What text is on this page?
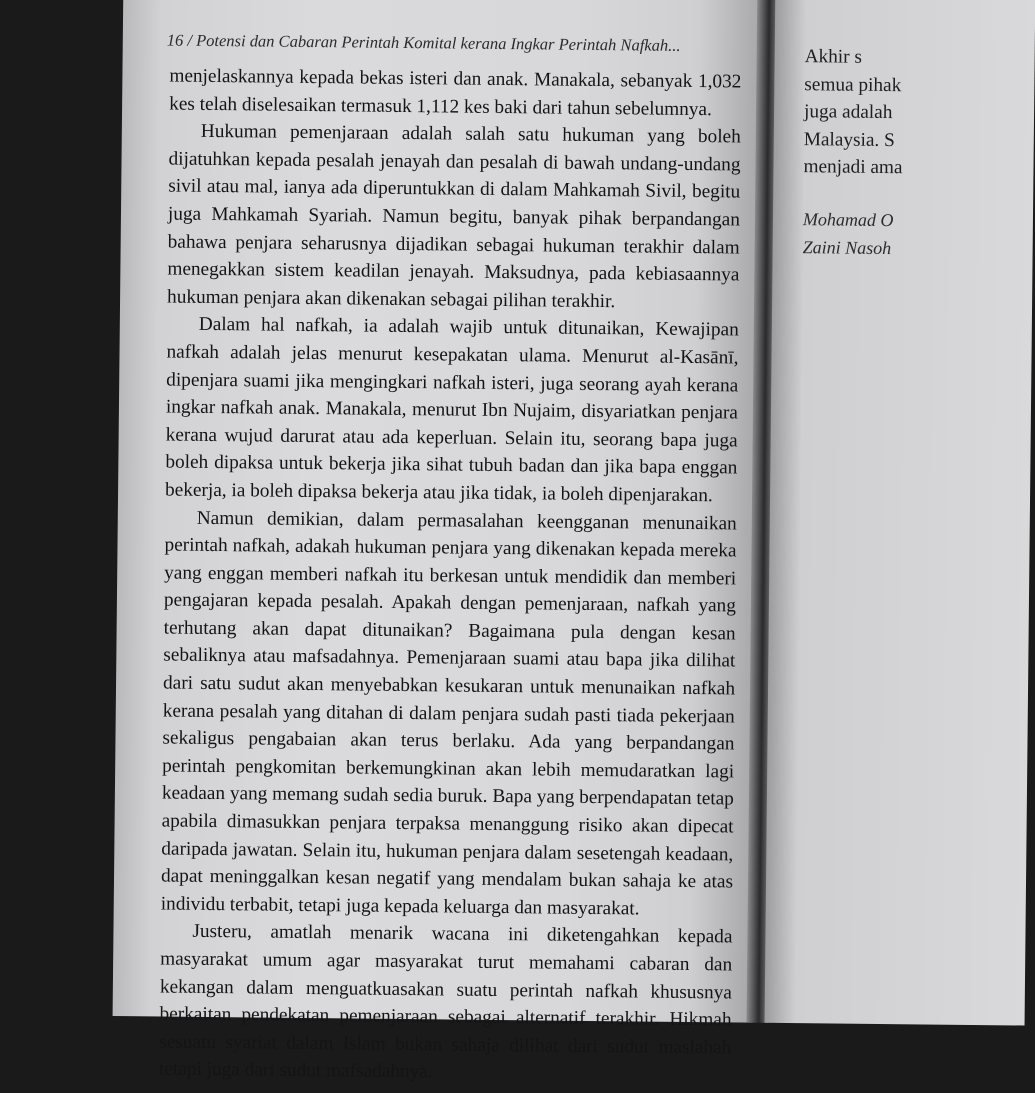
16 / Potensi dan Cabaran Perintah Komital kerana Ingkar Perintah Nafkah...

menjelaskannya kepada bekas isteri dan anak. Manakala, sebanyak 1,032 kes telah diselesaikan termasuk 1,112 kes baki dari tahun sebelumnya.

Hukuman pemenjaraan adalah salah satu hukuman yang boleh dijatuhkan kepada pesalah jenayah dan pesalah di bawah undang-undang sivil atau mal, ianya ada diperuntukkan di dalam Mahkamah Sivil, begitu juga Mahkamah Syariah. Namun begitu, banyak pihak berpandangan bahawa penjara seharusnya dijadikan sebagai hukuman terakhir dalam menegakkan sistem keadilan jenayah. Maksudnya, pada kebiasaannya hukuman penjara akan dikenakan sebagai pilihan terakhir.

Dalam hal nafkah, ia adalah wajib untuk ditunaikan, Kewajipan nafkah adalah jelas menurut kesepakatan ulama. Menurut al-Kasānī, dipenjara suami jika mengingkari nafkah isteri, juga seorang ayah kerana ingkar nafkah anak. Manakala, menurut Ibn Nujaim, disyariatkan penjara kerana wujud darurat atau ada keperluan. Selain itu, seorang bapa juga boleh dipaksa untuk bekerja jika sihat tubuh badan dan jika bapa enggan bekerja, ia boleh dipaksa bekerja atau jika tidak, ia boleh dipenjarakan.

Namun demikian, dalam permasalahan keengganan menunaikan perintah nafkah, adakah hukuman penjara yang dikenakan kepada mereka yang enggan memberi nafkah itu berkesan untuk mendidik dan memberi pengajaran kepada pesalah. Apakah dengan pemenjaraan, nafkah yang terhutang akan dapat ditunaikan? Bagaimana pula dengan kesan sebaliknya atau mafsadahnya. Pemenjaraan suami atau bapa jika dilihat dari satu sudut akan menyebabkan kesukaran untuk menunaikan nafkah kerana pesalah yang ditahan di dalam penjara sudah pasti tiada pekerjaan sekaligus pengabaian akan terus berlaku. Ada yang berpandangan perintah pengkomitan berkemungkinan akan lebih memudaratkan lagi keadaan yang memang sudah sedia buruk. Bapa yang berpendapatan tetap apabila dimasukkan penjara terpaksa menanggung risiko akan dipecat daripada jawatan. Selain itu, hukuman penjara dalam sesetengah keadaan, dapat meninggalkan kesan negatif yang mendalam bukan sahaja ke atas individu terbabit, tetapi juga kepada keluarga dan masyarakat.

Justeru, amatlah menarik wacana ini diketengahkan kepada masyarakat umum agar masyarakat turut memahami cabaran dan kekangan dalam menguatkuasakan suatu perintah nafkah khususnya berkaitan pendekatan pemenjaraan sebagai alternatif terakhir. Hikmah sesuatu syariat dalam Islam bukan sahaja dilihat dari sudut maslahah tetapi juga dari sudut mafsadahnya.

Akhir s
semua pihak
juga adalah
Malaysia. S
menjadi ama
Mohamad O
Zaini Nasoh
